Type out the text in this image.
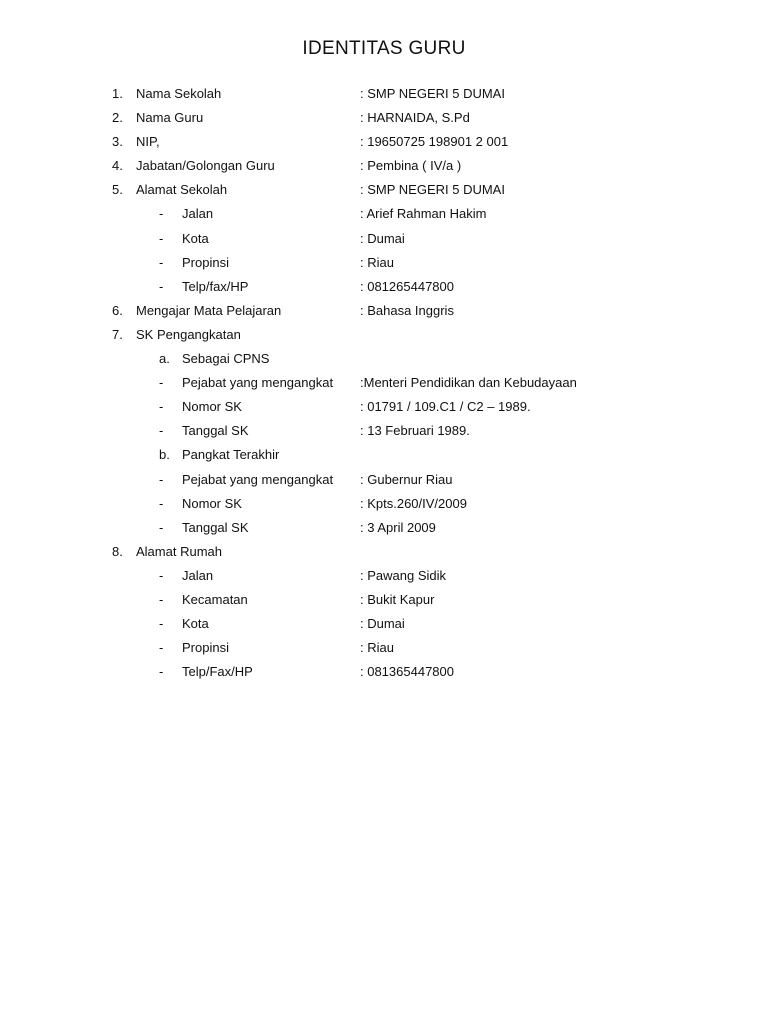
IDENTITAS GURU
1. Nama Sekolah	: SMP NEGERI 5 DUMAI
2. Nama Guru	: HARNAIDA, S.Pd
3. NIP,	: 19650725 198901 2 001
4. Jabatan/Golongan Guru	: Pembina ( IV/a )
5. Alamat Sekolah	: SMP NEGERI 5 DUMAI
- Jalan	: Arief Rahman Hakim
- Kota	: Dumai
- Propinsi	: Riau
- Telp/fax/HP	: 081265447800
6. Mengajar Mata Pelajaran	: Bahasa Inggris
7. SK Pengangkatan
a. Sebagai CPNS
- Pejabat yang mengangkat :Menteri Pendidikan dan Kebudayaan
- Nomor SK	: 01791 / 109.C1 / C2 – 1989.
- Tanggal SK	: 13 Februari 1989.
b. Pangkat Terakhir
- Pejabat yang mengangkat : Gubernur Riau
- Nomor SK	: Kpts.260/IV/2009
- Tanggal SK	: 3 April 2009
8. Alamat Rumah
- Jalan	: Pawang Sidik
- Kecamatan	: Bukit Kapur
- Kota	: Dumai
- Propinsi	: Riau
- Telp/Fax/HP	: 081365447800
